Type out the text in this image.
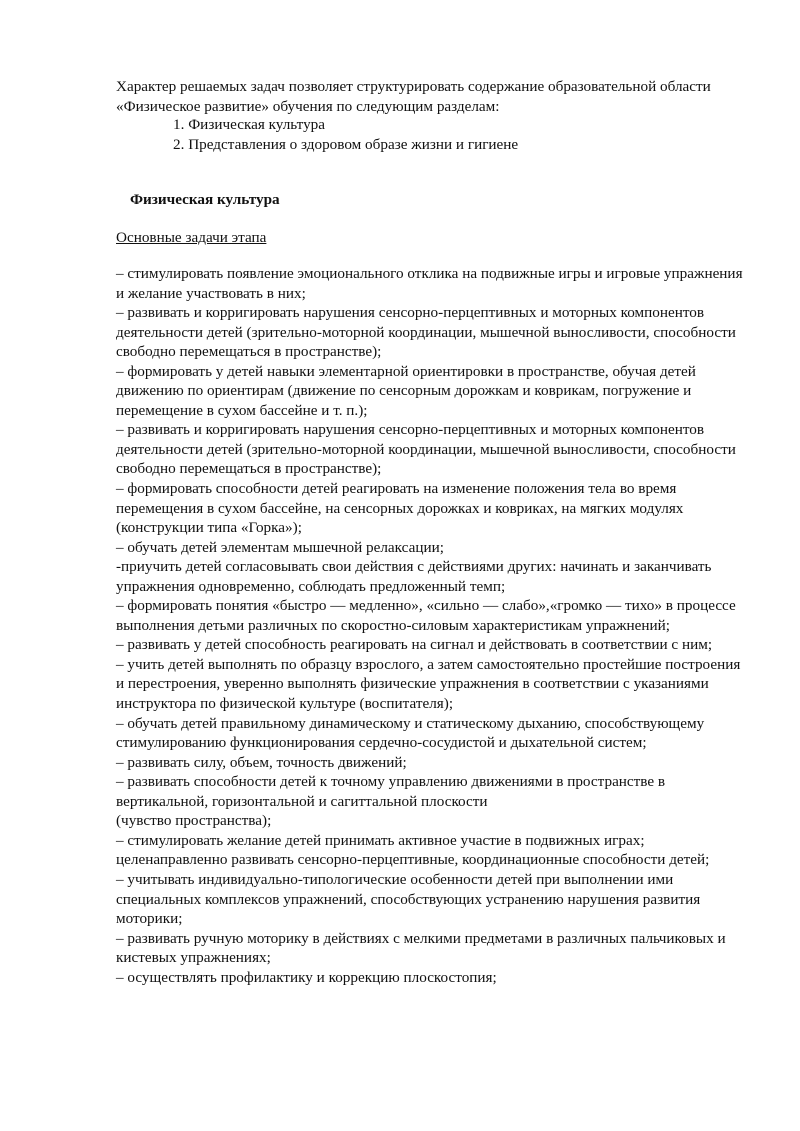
Характер решаемых задач позволяет структурировать содержание образовательной области «Физическое развитие» обучения по следующим разделам:

1. Физическая культура
2. Представления о здоровом образе жизни и гигиене
Физическая культура

Основные задачи этапа

– стимулировать появление эмоционального отклика на подвижные игры и игровые упражнения и желание участвовать в них;
– развивать и корригировать нарушения сенсорно-перцептивных и моторных компонентов деятельности детей (зрительно-моторной координации, мышечной выносливости, способности свободно перемещаться в пространстве);
– формировать у детей навыки элементарной ориентировки в пространстве, обучая детей движению по ориентирам (движение по сенсорным дорожкам и коврикам, погружение и перемещение в сухом бассейне и т. п.);
– развивать и корригировать нарушения сенсорно-перцептивных и моторных компонентов деятельности детей (зрительно-моторной координации, мышечной выносливости, способности свободно перемещаться в пространстве);
– формировать способности детей реагировать на изменение положения тела во время перемещения в сухом бассейне, на сенсорных дорожках и ковриках, на мягких модулях (конструкции типа «Горка»);
– обучать детей элементам мышечной релаксации;
-приучить детей согласовывать свои действия с действиями других: начинать и заканчивать упражнения одновременно, соблюдать предложенный темп;
– формировать понятия «быстро — медленно», «сильно — слабо»,«громко — тихо» в процессе выполнения детьми различных по скоростно-силовым характеристикам упражнений;
– развивать у детей способность реагировать на сигнал и действовать в соответствии с ним;
– учить детей выполнять по образцу взрослого, а затем самостоятельно простейшие построения и перестроения, уверенно выполнять физические упражнения в соответствии с указаниями инструктора по физической культуре (воспитателя);
– обучать детей правильному динамическому и статическому дыханию, способствующему стимулированию функционирования сердечно-сосудистой и дыхательной систем;
– развивать силу, объем, точность движений;
– развивать способности детей к точному управлению движениями в пространстве в вертикальной, горизонтальной и сагиттальной плоскости
(чувство пространства);
– стимулировать желание детей принимать активное участие в подвижных играх; целенаправленно развивать сенсорно-перцептивные, координационные способности детей;
– учитывать индивидуально-типологические особенности детей при выполнении ими специальных комплексов упражнений, способствующих устранению нарушения развития моторики;
– развивать ручную моторику в действиях с мелкими предметами в различных пальчиковых и кистевых упражнениях;
– осуществлять профилактику и коррекцию плоскостопия;
